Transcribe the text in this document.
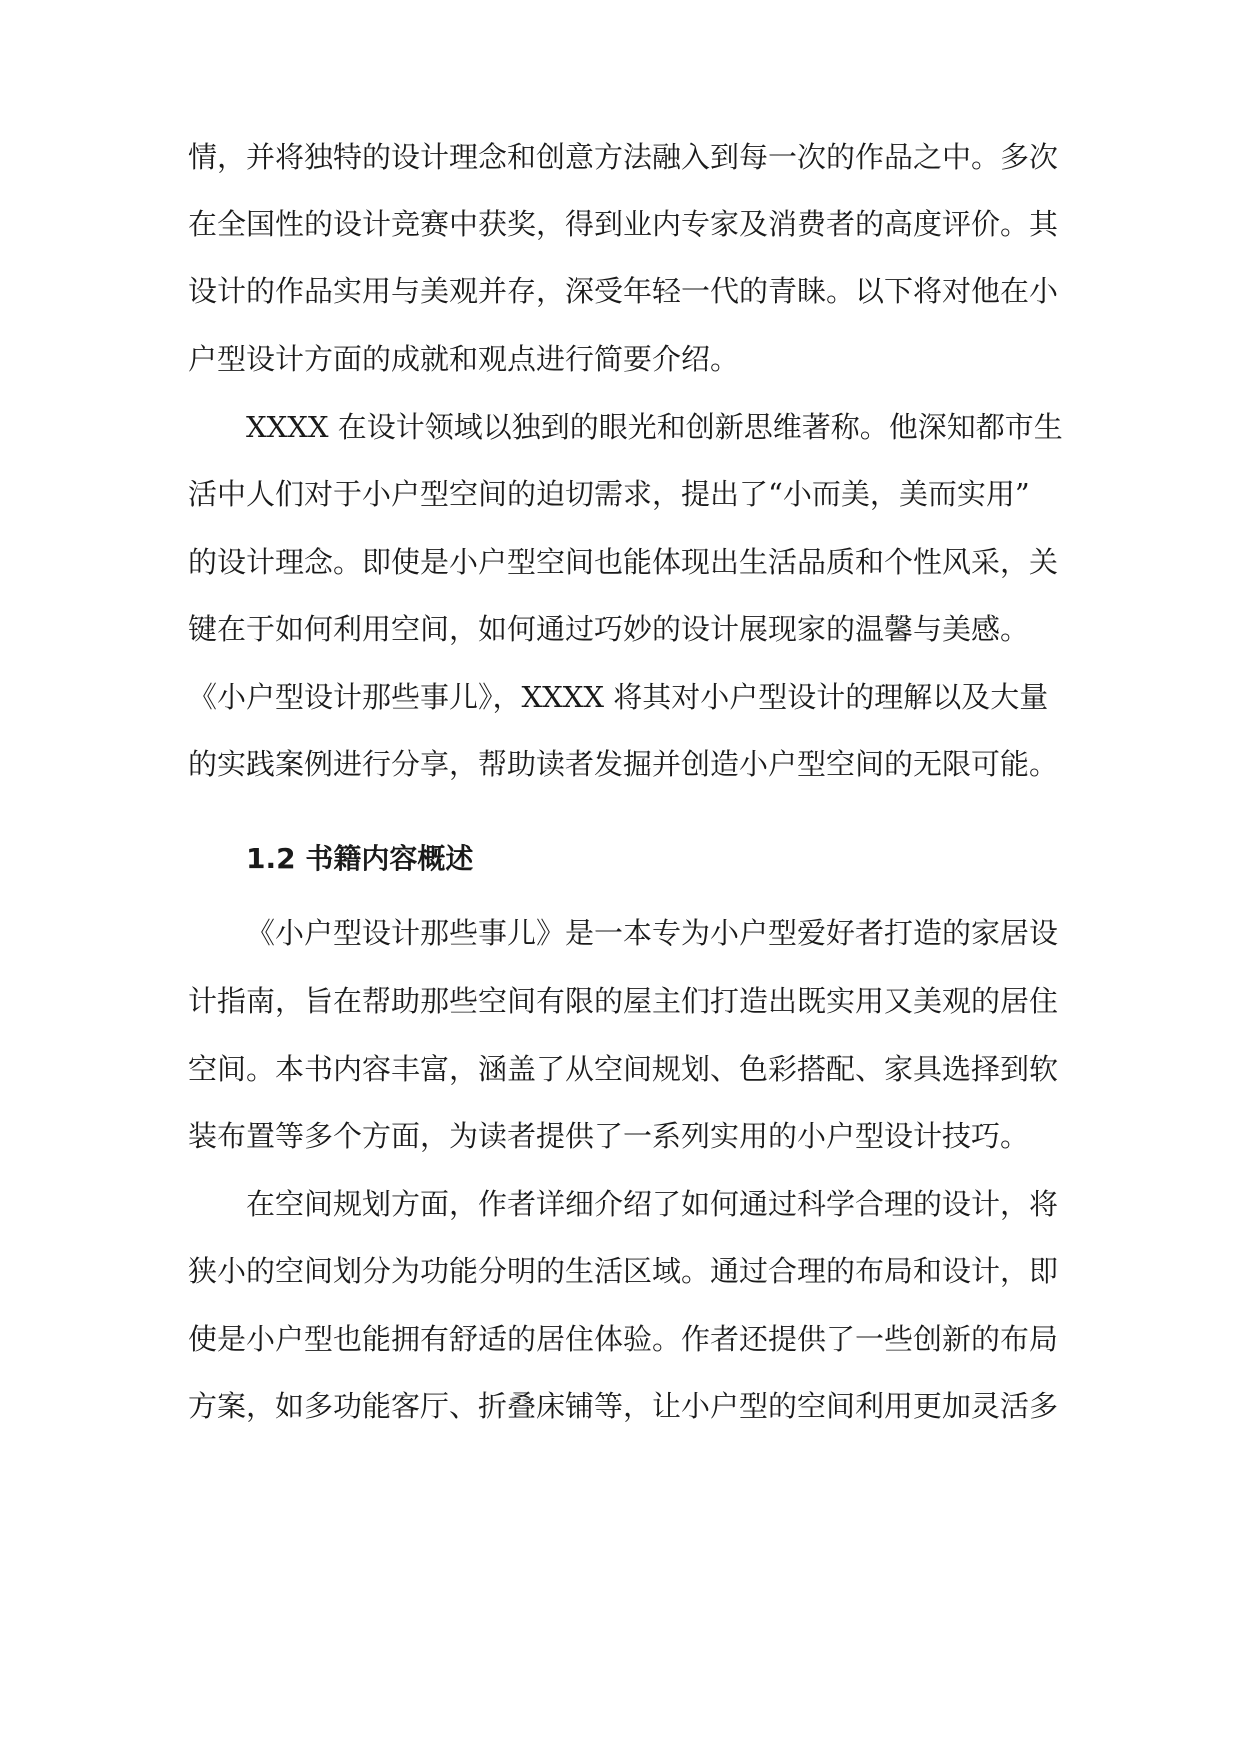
情，并将独特的设计理念和创意方法融入到每一次的作品之中。多次

在全国性的设计竞赛中获奖，得到业内专家及消费者的高度评价。其

设计的作品实用与美观并存，深受年轻一代的青睐。以下将对他在小

户型设计方面的成就和观点进行简要介绍。

XXXX 在设计领域以独到的眼光和创新思维著称。他深知都市生

活中人们对于小户型空间的迫切需求，提出了“小而美，美而实用”

的设计理念。即使是小户型空间也能体现出生活品质和个性风采，关

键在于如何利用空间，如何通过巧妙的设计展现家的温馨与美感。

《小户型设计那些事儿》，XXXX 将其对小户型设计的理解以及大量

的实践案例进行分享，帮助读者发掘并创造小户型空间的无限可能。

1.2 书籍内容概述

《小户型设计那些事儿》是一本专为小户型爱好者打造的家居设

计指南，旨在帮助那些空间有限的屋主们打造出既实用又美观的居住

空间。本书内容丰富，涵盖了从空间规划、色彩搭配、家具选择到软

装布置等多个方面，为读者提供了一系列实用的小户型设计技巧。

在空间规划方面，作者详细介绍了如何通过科学合理的设计，将

狭小的空间划分为功能分明的生活区域。通过合理的布局和设计，即

使是小户型也能拥有舒适的居住体验。作者还提供了一些创新的布局

方案，如多功能客厅、折叠床铺等，让小户型的空间利用更加灵活多
